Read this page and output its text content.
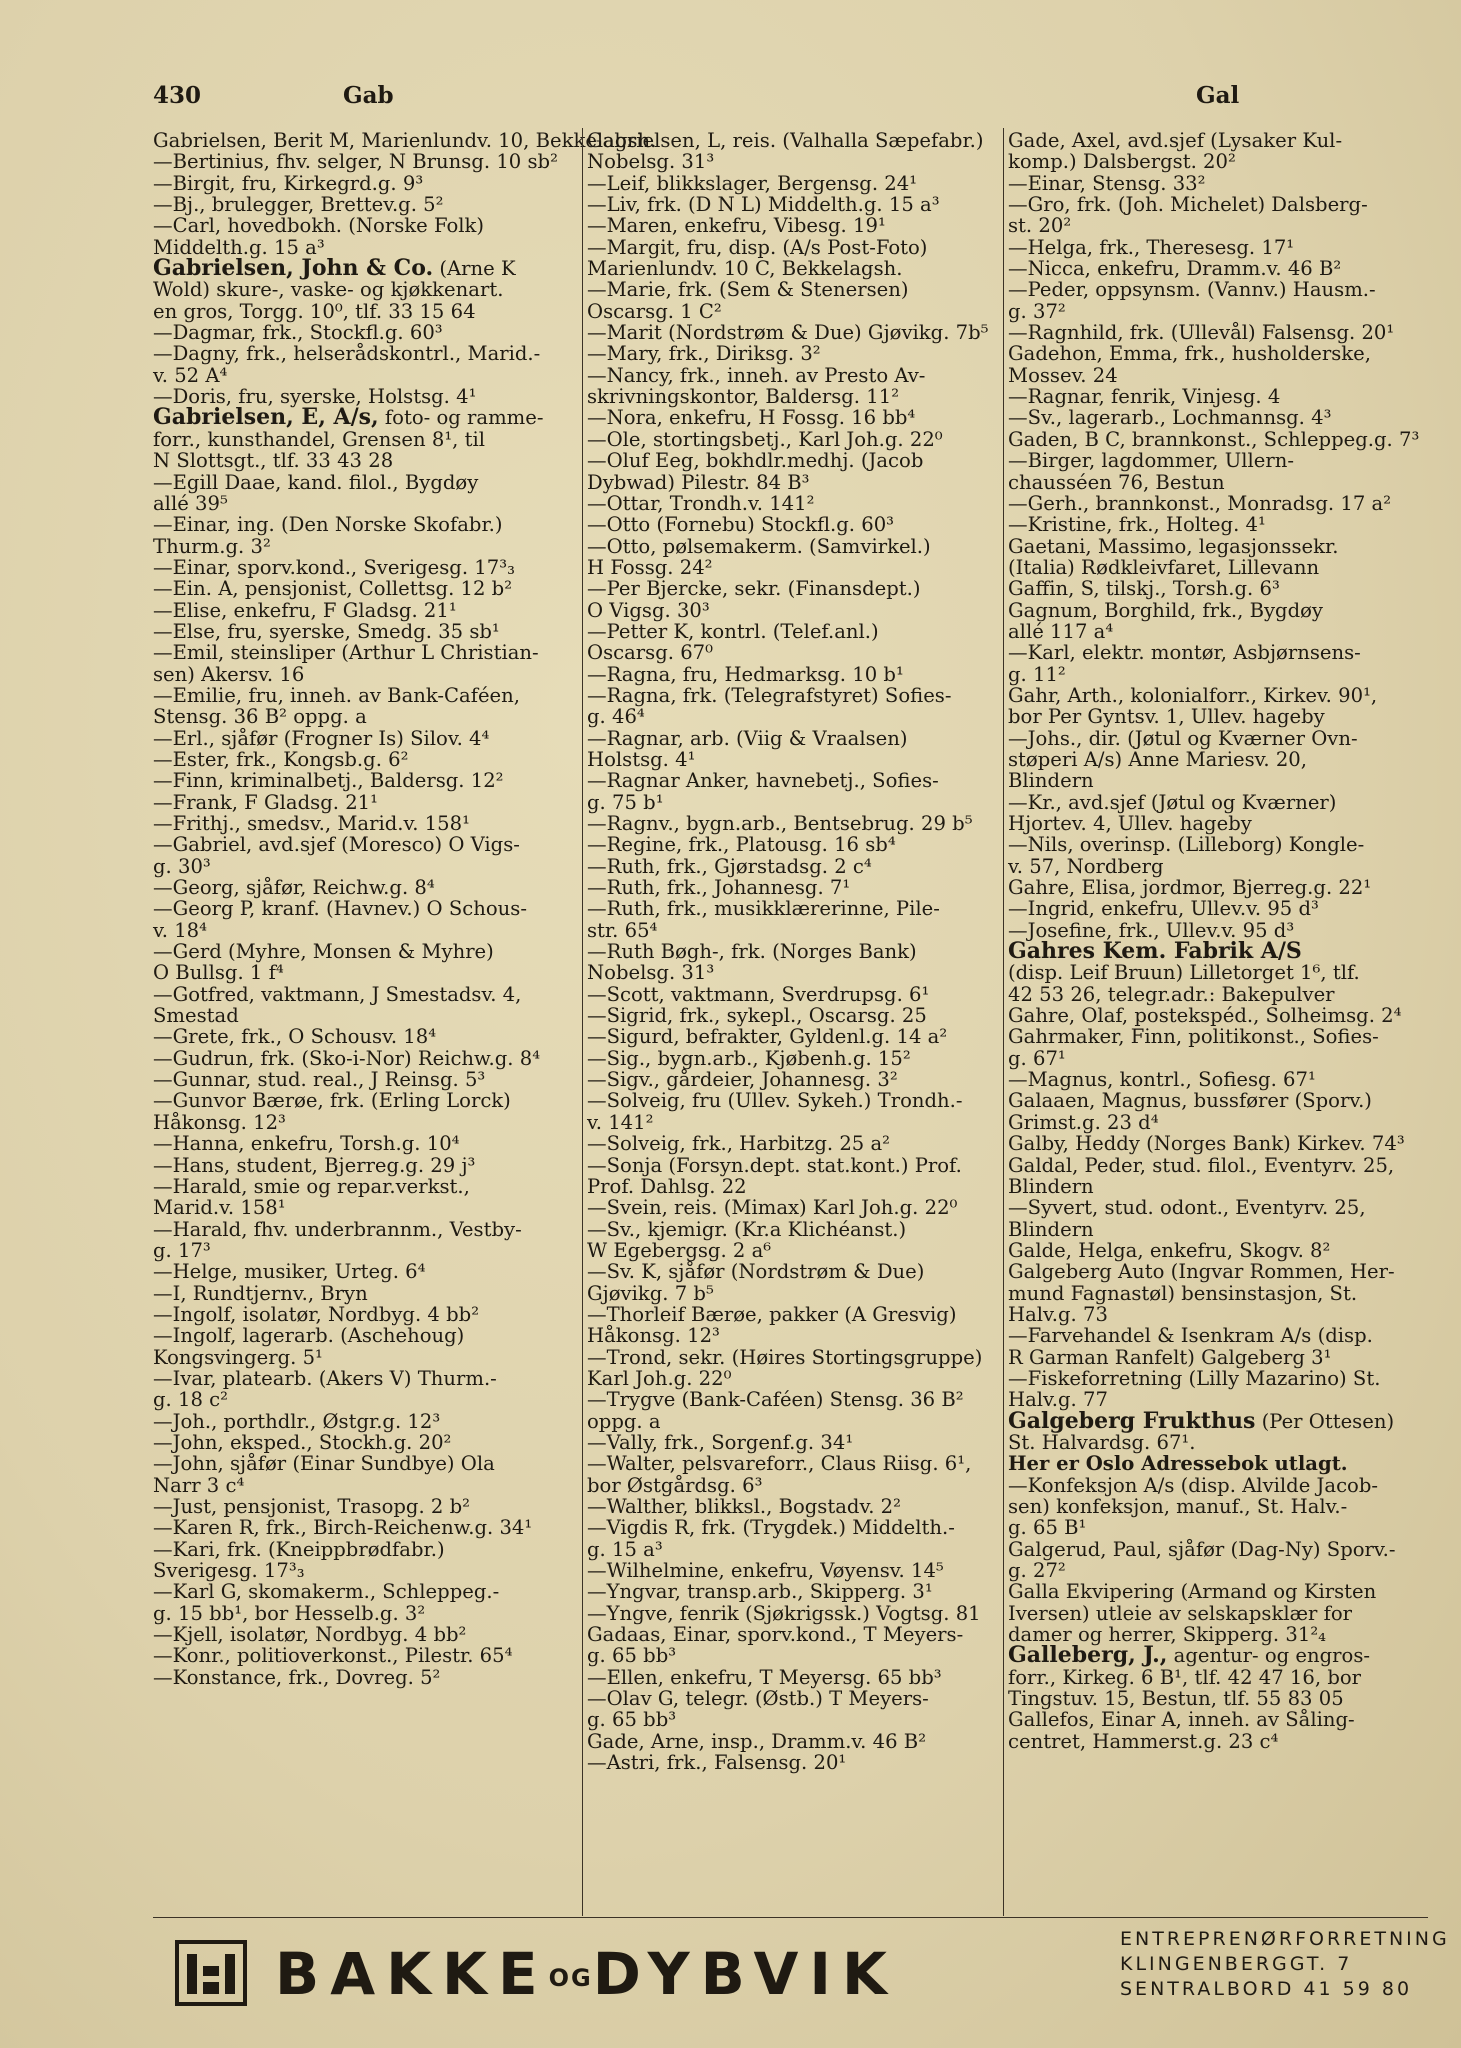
430	Gab	Gal
Gabrielsen, Berit M, Marienlundv. 10, Bekkelagsh.
—Bertinius, fhv. selger, N Brunsg. 10 sb²
—Birgit, fru, Kirkegrd.g. 9³
—Bj., brulegger, Brettev.g. 5²
—Carl, hovedbokh. (Norske Folk)
Middelth.g. 15 a³
Gabrielsen, John & Co. (Arne K
Wold) skure-, vaske- og kjøkkenart.
en gros, Torgg. 10⁰, tlf. 33 15 64
—Dagmar, frk., Stockfl.g. 60³
—Dagny, frk., helserådskontrl., Marid.-
v. 52 A⁴
—Doris, fru, syerske, Holstsg. 4¹
Gabrielsen, E, A/s, foto- og ramme-
forr., kunsthandel, Grensen 8¹, til
N Slottsgt., tlf. 33 43 28
—Egill Daae, kand. filol., Bygdøy
allé 39⁵
—Einar, ing. (Den Norske Skofabr.)
Thurm.g. 3²
—Einar, sporv.kond., Sverigesg. 17³₃
—Ein. A, pensjonist, Collettsg. 12 b²
—Elise, enkefru, F Gladsg. 21¹
—Else, fru, syerske, Smedg. 35 sb¹
—Emil, steinsliper (Arthur L Christian-
sen) Akersv. 16
—Emilie, fru, inneh. av Bank-Caféen,
Stensg. 36 B² oppg. a
—Erl., sjåfør (Frogner Is) Silov. 4⁴
—Ester, frk., Kongsb.g. 6²
—Finn, kriminalbetj., Baldersg. 12²
—Frank, F Gladsg. 21¹
—Frithj., smedsv., Marid.v. 158¹
—Gabriel, avd.sjef (Moresco) O Vigs-
g. 30³
—Georg, sjåfør, Reichw.g. 8⁴
—Georg P, kranf. (Havnev.) O Schous-
v. 18⁴
—Gerd (Myhre, Monsen & Myhre)
O Bullsg. 1 f⁴
—Gotfred, vaktmann, J Smestadsv. 4,
Smestad
—Grete, frk., O Schousv. 18⁴
—Gudrun, frk. (Sko-i-Nor) Reichw.g. 8⁴
—Gunnar, stud. real., J Reinsg. 5³
—Gunvor Bærøe, frk. (Erling Lorck)
Håkonsg. 12³
—Hanna, enkefru, Torsh.g. 10⁴
—Hans, student, Bjerreg.g. 29 j³
—Harald, smie og repar.verkst.,
Marid.v. 158¹
—Harald, fhv. underbrannm., Vestby-
g. 17³
—Helge, musiker, Urteg. 6⁴
—I, Rundtjernv., Bryn
—Ingolf, isolatør, Nordbyg. 4 bb²
—Ingolf, lagerarb. (Aschehoug)
Kongsvingerg. 5¹
—Ivar, platearb. (Akers V) Thurm.-
g. 18 c²
—Joh., porthdlr., Østgr.g. 12³
—John, eksped., Stockh.g. 20²
—John, sjåfør (Einar Sundbye) Ola
Narr 3 c⁴
—Just, pensjonist, Trasopg. 2 b²
—Karen R, frk., Birch-Reichenw.g. 34¹
—Kari, frk. (Kneippbrødfabr.)
Sverigesg. 17³₃
—Karl G, skomakerm., Schleppeg.-
g. 15 bb¹, bor Hesselb.g. 3²
—Kjell, isolatør, Nordbyg. 4 bb²
—Konr., politioverkonst., Pilestr. 65⁴
—Konstance, frk., Dovreg. 5²
Gabrielsen, L, reis. (Valhalla Sæpefabr.)
Nobelsg. 31³
—Leif, blikkslager, Bergensg. 24¹
—Liv, frk. (D N L) Middelth.g. 15 a³
—Maren, enkefru, Vibesg. 19¹
—Margit, fru, disp. (A/s Post-Foto)
Marienlundv. 10 C, Bekkelagsh.
—Marie, frk. (Sem & Stenersen)
Oscarsg. 1 C²
—Marit (Nordstrøm & Due) Gjøvikg. 7b⁵
—Mary, frk., Diriksg. 3²
—Nancy, frk., inneh. av Presto Av-
skrivningskontor, Baldersg. 11²
—Nora, enkefru, H Fossg. 16 bb⁴
—Ole, stortingsbetj., Karl Joh.g. 22⁰
—Oluf Eeg, bokhdlr.medhj. (Jacob
Dybwad) Pilestr. 84 B³
—Ottar, Trondh.v. 141²
—Otto (Fornebu) Stockfl.g. 60³
—Otto, pølsemakerm. (Samvirkel.)
H Fossg. 24²
—Per Bjercke, sekr. (Finansdept.)
O Vigsg. 30³
—Petter K, kontrl. (Telef.anl.)
Oscarsg. 67⁰
—Ragna, fru, Hedmarksg. 10 b¹
—Ragna, frk. (Telegrafstyret) Sofies-
g. 46⁴
—Ragnar, arb. (Viig & Vraalsen)
Holstsg. 4¹
—Ragnar Anker, havnebetj., Sofies-
g. 75 b¹
—Ragnv., bygn.arb., Bentsebrug. 29 b⁵
—Regine, frk., Platousg. 16 sb⁴
—Ruth, frk., Gjørstadsg. 2 c⁴
—Ruth, frk., Johannesg. 7¹
—Ruth, frk., musikklærerinne, Pile-
str. 65⁴
—Ruth Bøgh-, frk. (Norges Bank)
Nobelsg. 31³
—Scott, vaktmann, Sverdrupsg. 6¹
—Sigrid, frk., sykepl., Oscarsg. 25
—Sigurd, befrakter, Gyldenl.g. 14 a²
—Sig., bygn.arb., Kjøbenh.g. 15²
—Sigv., gårdeier, Johannesg. 3²
—Solveig, fru (Ullev. Sykeh.) Trondh.-
v. 141²
—Solveig, frk., Harbitzg. 25 a²
—Sonja (Forsyn.dept. stat.kont.) Prof.
Prof. Dahlsg. 22
—Svein, reis. (Mimax) Karl Joh.g. 22⁰
—Sv., kjemigr. (Kr.a Klichéanst.)
W Egebergsg. 2 a⁶
—Sv. K, sjåfør (Nordstrøm & Due)
Gjøvikg. 7 b⁵
—Thorleif Bærøe, pakker (A Gresvig)
Håkonsg. 12³
—Trond, sekr. (Høires Stortingsgruppe)
Karl Joh.g. 22⁰
—Trygve (Bank-Caféen) Stensg. 36 B²
oppg. a
—Vally, frk., Sorgenf.g. 34¹
—Walter, pelsvareforr., Claus Riisg. 6¹,
bor Østgårdsg. 6³
—Walther, blikksl., Bogstadv. 2²
—Vigdis R, frk. (Trygdek.) Middelth.-
g. 15 a³
—Wilhelmine, enkefru, Vøyensv. 14⁵
—Yngvar, transp.arb., Skipperg. 3¹
—Yngve, fenrik (Sjøkrigssk.) Vogtsg. 81
Gadaas, Einar, sporv.kond., T Meyers-
g. 65 bb³
—Ellen, enkefru, T Meyersg. 65 bb³
—Olav G, telegr. (Østb.) T Meyers-
g. 65 bb³
Gade, Arne, insp., Dramm.v. 46 B²
—Astri, frk., Falsensg. 20¹
Gade, Axel, avd.sjef (Lysaker Kul-
komp.) Dalsbergst. 20²
—Einar, Stensg. 33²
—Gro, frk. (Joh. Michelet) Dalsberg-
st. 20²
—Helga, frk., Theresesg. 17¹
—Nicca, enkefru, Dramm.v. 46 B²
—Peder, oppsynsm. (Vannv.) Hausm.-
g. 37²
—Ragnhild, frk. (Ullevål) Falsensg. 20¹
Gadehon, Emma, frk., husholderske,
Mossev. 24
—Ragnar, fenrik, Vinjesg. 4
—Sv., lagerarb., Lochmannsg. 4³
Gaden, B C, brannkonst., Schleppeg.g. 7³
—Birger, lagdommer, Ullern-
chausséen 76, Bestun
—Gerh., brannkonst., Monradsg. 17 a²
—Kristine, frk., Holteg. 4¹
Gaetani, Massimo, legasjonssekr.
(Italia) Rødkleivfaret, Lillevann
Gaffin, S, tilskj., Torsh.g. 6³
Gagnum, Borghild, frk., Bygdøy
allé 117 a⁴
—Karl, elektr. montør, Asbjørnsens-
g. 11²
Gahr, Arth., kolonialforr., Kirkev. 90¹,
bor Per Gyntsv. 1, Ullev. hageby
—Johs., dir. (Jøtul og Kværner Ovn-
støperi A/s) Anne Mariesv. 20,
Blindern
—Kr., avd.sjef (Jøtul og Kværner)
Hjortev. 4, Ullev. hageby
—Nils, overinsp. (Lilleborg) Kongle-
v. 57, Nordberg
Gahre, Elisa, jordmor, Bjerreg.g. 22¹
—Ingrid, enkefru, Ullev.v. 95 d³
—Josefine, frk., Ullev.v. 95 d³
Gahres Kem. Fabrik A/S
(disp. Leif Bruun) Lilletorget 1⁶, tlf.
42 53 26, telegr.adr.: Bakepulver
Gahre, Olaf, postekspéd., Solheimsg. 2⁴
Gahrmaker, Finn, politikonst., Sofies-
g. 67¹
—Magnus, kontrl., Sofiesg. 67¹
Galaaen, Magnus, bussfører (Sporv.)
Grimst.g. 23 d⁴
Galby, Heddy (Norges Bank) Kirkev. 74³
Galdal, Peder, stud. filol., Eventyrv. 25,
Blindern
—Syvert, stud. odont., Eventyrv. 25,
Blindern
Galde, Helga, enkefru, Skogv. 8²
Galgeberg Auto (Ingvar Rommen, Her-
mund Fagnastøl) bensinstasjon, St.
Halv.g. 73
—Farvehandel & Isenkram A/s (disp.
R Garman Ranfelt) Galgeberg 3¹
—Fiskeforretning (Lilly Mazarino) St.
Halv.g. 77
Galgeberg Frukthus (Per Ottesen)
St. Halvardsg. 67¹.
Her er Oslo Adressebok utlagt.
—Konfeksjon A/s (disp. Alvilde Jacob-
sen) konfeksjon, manuf., St. Halv.-
g. 65 B¹
Galgerud, Paul, sjåfør (Dag-Ny) Sporv.-
g. 27²
Galla Ekvipering (Armand og Kirsten
Iversen) utleie av selskapsklær for
damer og herrer, Skipperg. 31²₄
Galleberg, J., agentur- og engros-
forr., Kirkeg. 6 B¹, tlf. 42 47 16, bor
Tingstuv. 15, Bestun, tlf. 55 83 05
Gallefos, Einar A, inneh. av Såling-
centret, Hammerst.g. 23 c⁴
BAKKEOGDYBVIK
ENTREPRENØRFORRETNING
KLINGENBERGGT. 7
SENTRALBORD 41 59 80
